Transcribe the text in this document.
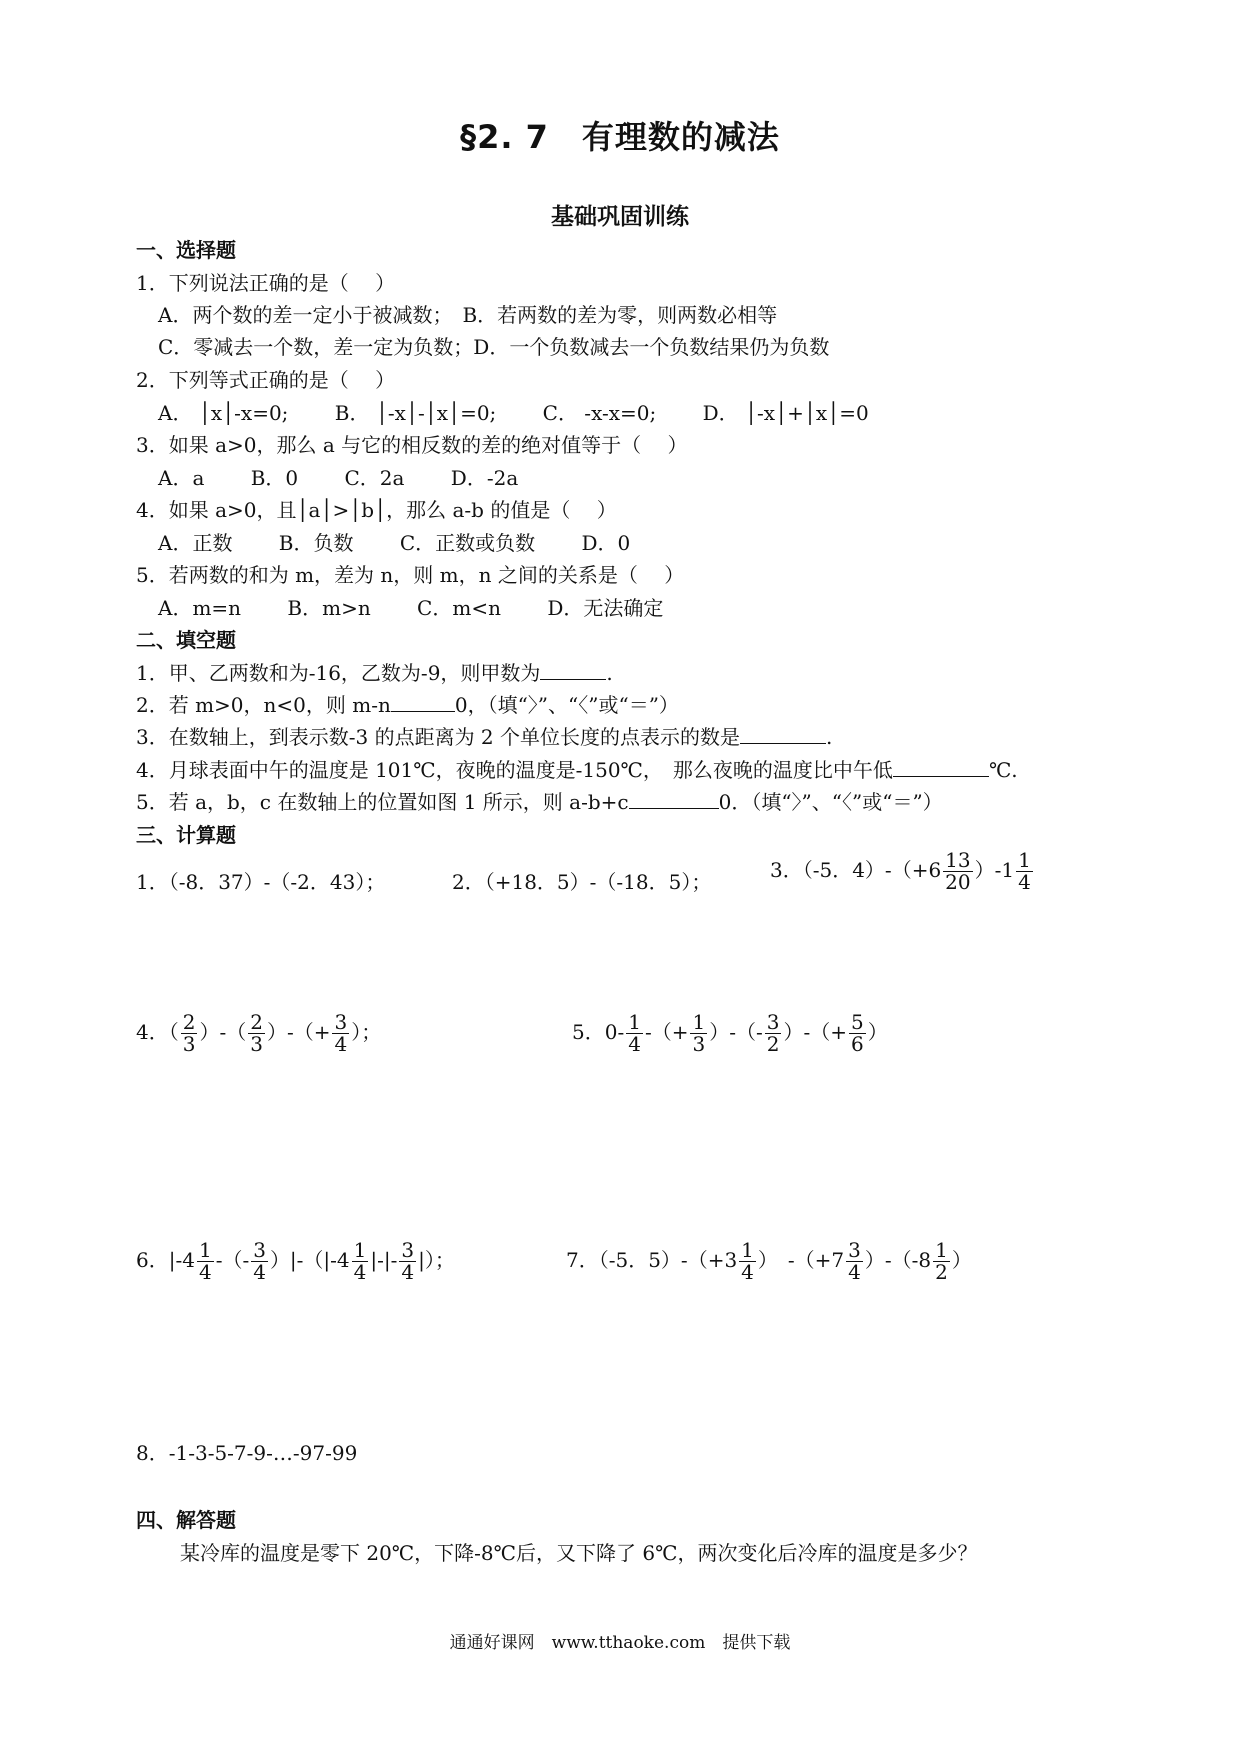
§2. 7　有理数的减法
基础巩固训练
一、选择题
1．下列说法正确的是（　 ）
A．两个数的差一定小于被减数；　B．若两数的差为零，则两数必相等
C．零减去一个数，差一定为负数；D．一个负数减去一个负数结果仍为负数
2．下列等式正确的是（　 ）
A． │x│-x=0;　　 B． │-x│-│x│=0;　　 C． -x-x=0;　　 D． │-x│+│x│=0
3．如果 a>0，那么 a 与它的相反数的差的绝对值等于（　 ）
A．a　　 B．0　　 C．2a　　 D．-2a
4．如果 a>0，且│a│>│b│，那么 a-b 的值是（　 ）
A．正数　　 B．负数　　 C．正数或负数　　 D．0
5．若两数的和为 m，差为 n，则 m，n 之间的关系是（　 ）
A．m=n　　 B．m>n　　 C．m<n　　 D．无法确定
二、填空题
1．甲、乙两数和为-16，乙数为-9，则甲数为	.
2．若 m>0，n<0，则 m-n	0，（填“〉”、“〈”或“＝”）
3．在数轴上，到表示数-3 的点距离为 2 个单位长度的点表示的数是	.
4．月球表面中午的温度是 101℃，夜晚的温度是-150℃，　那么夜晚的温度比中午低	℃.
5．若 a，b，c 在数轴上的位置如图 1 所示，则 a-b+c	0．（填“〉”、“〈”或“＝”）
三、计算题
1．（-8．37）-（-2．43）；	2．（+18．5）-（-18．5）；	3．（-5．$4)-(+6 \frac{13}{20} )-1 \frac{1}{4}$
4．（ $\frac{2}{3}$ ）-（ $\frac{2}{3}$ ）-（+ $\frac{3}{4}$ ）；	5．$0- \frac{1}{4}$ -（+ $\frac{1}{3}$ ）-（- $\frac{3}{2}$ ）-（+ $\frac{5}{6}$ ）
6．$|-4 \frac{1}{4}$ -（- $\frac{3}{4} )|-(|-4 \frac{1}{4}$ |-|- $\frac{3}{4}$ |）；	7．（-5．$5)-(+3 \frac{1}{4}$ ）　$-(+7 \frac{3}{4} )-(-8 \frac{1}{2}$ ）
8．-1-3-5-7-9-…-97-99
四、解答题
某冷库的温度是零下 20℃，下降-8℃后，又下降了 6℃，两次变化后冷库的温度是多少？
通通好课网　www.tthaoke.com　提供下载
